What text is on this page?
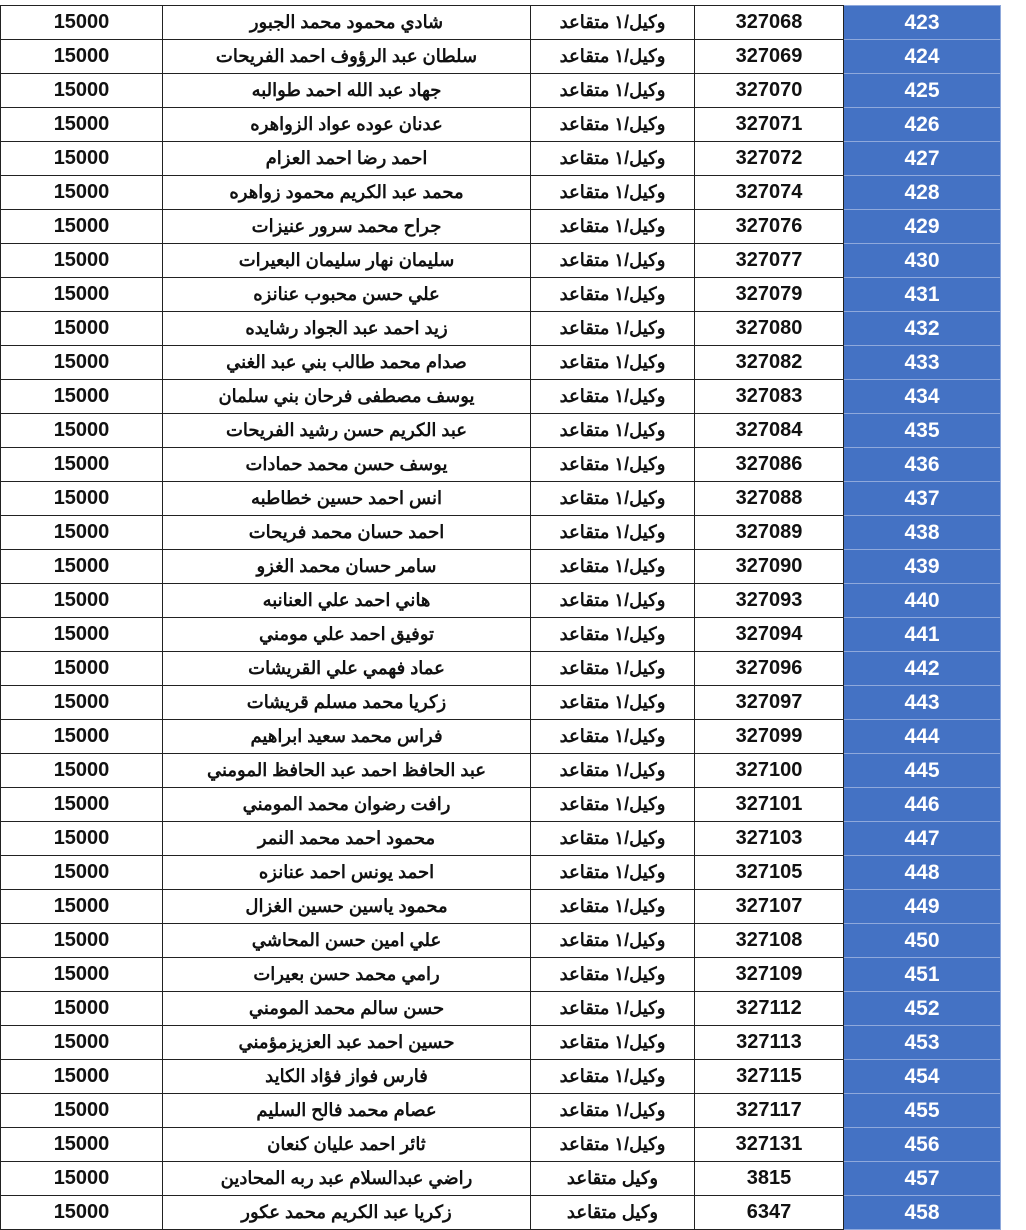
15000	شادي محمود محمد الجبور	وكيل/١ متقاعد	327068	423
15000	سلطان عبد الرؤوف احمد الفريحات	وكيل/١ متقاعد	327069	424
15000	جهاد عبد الله احمد طوالبه	وكيل/١ متقاعد	327070	425
15000	عدنان عوده عواد الزواهره	وكيل/١ متقاعد	327071	426
15000	احمد رضا احمد العزام	وكيل/١ متقاعد	327072	427
15000	محمد عبد الكريم محمود زواهره	وكيل/١ متقاعد	327074	428
15000	جراح محمد سرور عنيزات	وكيل/١ متقاعد	327076	429
15000	سليمان نهار سليمان البعيرات	وكيل/١ متقاعد	327077	430
15000	علي حسن محبوب عنانزه	وكيل/١ متقاعد	327079	431
15000	زيد احمد عبد الجواد رشايده	وكيل/١ متقاعد	327080	432
15000	صدام محمد طالب بني عبد الغني	وكيل/١ متقاعد	327082	433
15000	يوسف مصطفى فرحان بني سلمان	وكيل/١ متقاعد	327083	434
15000	عبد الكريم حسن رشيد الفريحات	وكيل/١ متقاعد	327084	435
15000	يوسف حسن محمد حمادات	وكيل/١ متقاعد	327086	436
15000	انس احمد حسين خطاطبه	وكيل/١ متقاعد	327088	437
15000	احمد حسان محمد فريحات	وكيل/١ متقاعد	327089	438
15000	سامر حسان محمد الغزو	وكيل/١ متقاعد	327090	439
15000	هاني احمد علي العنانبه	وكيل/١ متقاعد	327093	440
15000	توفيق احمد علي مومني	وكيل/١ متقاعد	327094	441
15000	عماد فهمي علي القريشات	وكيل/١ متقاعد	327096	442
15000	زكريا محمد مسلم قريشات	وكيل/١ متقاعد	327097	443
15000	فراس محمد سعيد ابراهيم	وكيل/١ متقاعد	327099	444
15000	عبد الحافظ احمد عبد الحافظ المومني	وكيل/١ متقاعد	327100	445
15000	رافت رضوان محمد المومني	وكيل/١ متقاعد	327101	446
15000	محمود احمد محمد النمر	وكيل/١ متقاعد	327103	447
15000	احمد يونس احمد عنانزه	وكيل/١ متقاعد	327105	448
15000	محمود ياسين حسين الغزال	وكيل/١ متقاعد	327107	449
15000	علي امين حسن المحاشي	وكيل/١ متقاعد	327108	450
15000	رامي محمد حسن بعيرات	وكيل/١ متقاعد	327109	451
15000	حسن سالم محمد المومني	وكيل/١ متقاعد	327112	452
15000	حسين احمد عبد العزيزمؤمني	وكيل/١ متقاعد	327113	453
15000	فارس فواز فؤاد الكايد	وكيل/١ متقاعد	327115	454
15000	عصام محمد فالح السليم	وكيل/١ متقاعد	327117	455
15000	ثائر احمد عليان كنعان	وكيل/١ متقاعد	327131	456
15000	راضي عبدالسلام عبد ربه المحادين	وكيل متقاعد	3815	457
15000	زكريا عبد الكريم محمد عكور	وكيل متقاعد	6347	458
